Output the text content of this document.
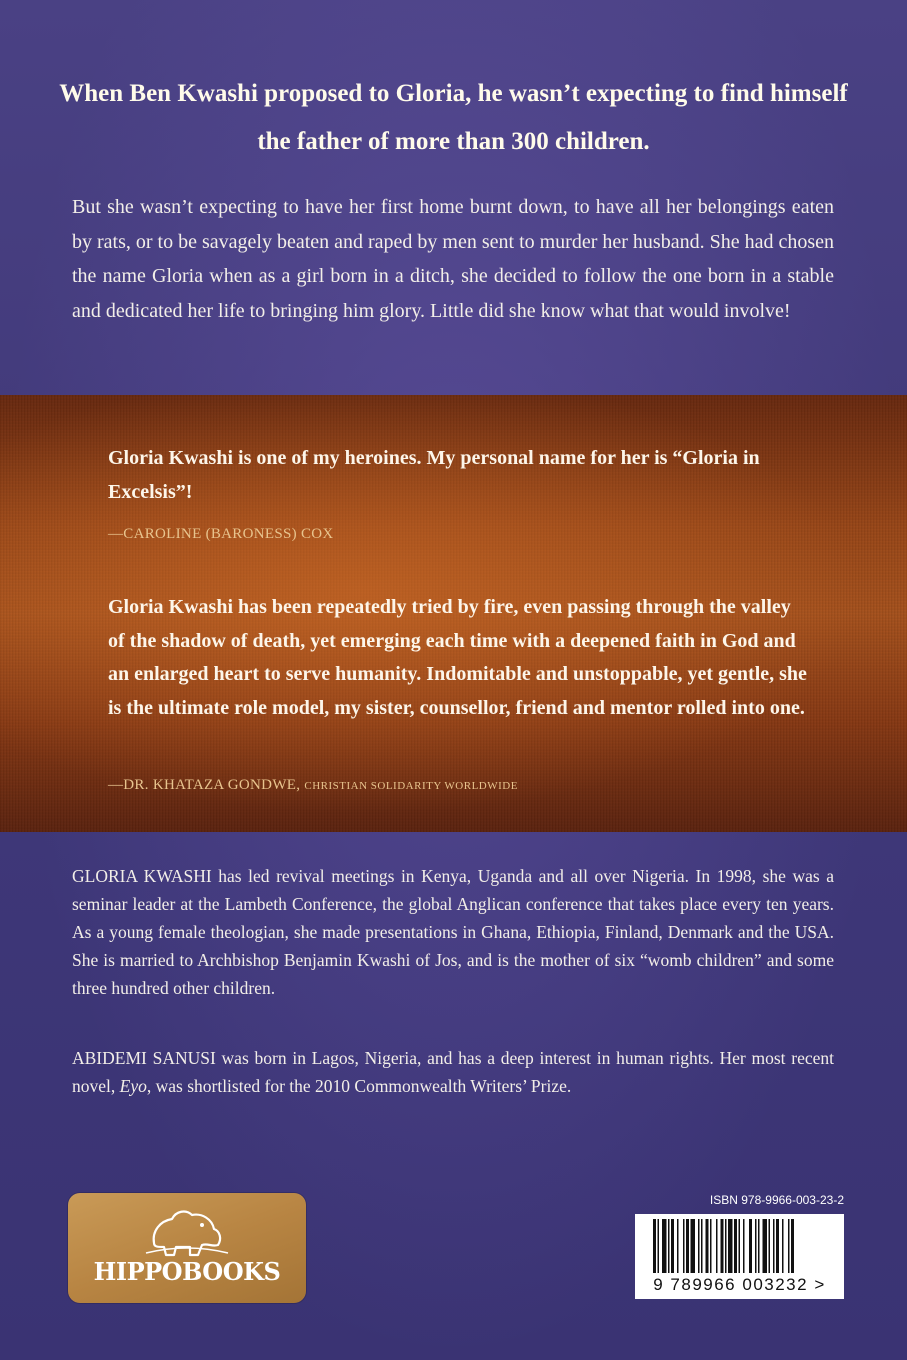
When Ben Kwashi proposed to Gloria, he wasn’t expecting to find himself the father of more than 300 children.

But she wasn’t expecting to have her first home burnt down, to have all her belongings eaten by rats, or to be savagely beaten and raped by men sent to murder her husband. She had chosen the name Gloria when as a girl born in a ditch, she decided to follow the one born in a stable and dedicated her life to bringing him glory. Little did she know what that would involve!

Gloria Kwashi is one of my heroines. My personal name for her is “Gloria in Excelsis”!

—CAROLINE (BARONESS) COX

Gloria Kwashi has been repeatedly tried by fire, even passing through the valley of the shadow of death, yet emerging each time with a deepened faith in God and an enlarged heart to serve humanity. Indomitable and unstoppable, yet gentle, she is the ultimate role model, my sister, counsellor, friend and mentor rolled into one.

—DR. KHATAZA GONDWE, CHRISTIAN SOLIDARITY WORLDWIDE

GLORIA KWASHI has led revival meetings in Kenya, Uganda and all over Nigeria. In 1998, she was a seminar leader at the Lambeth Conference, the global Anglican conference that takes place every ten years. As a young female theologian, she made presentations in Ghana, Ethiopia, Finland, Denmark and the USA. She is married to Archbishop Benjamin Kwashi of Jos, and is the mother of six “womb children” and some three hundred other children.

ABIDEMI SANUSI was born in Lagos, Nigeria, and has a deep interest in human rights. Her most recent novel, Eyo, was shortlisted for the 2010 Commonwealth Writers’ Prize.

HIPPOBOOKS

ISBN 978-9966-003-23-2

9 789966 003232 >
